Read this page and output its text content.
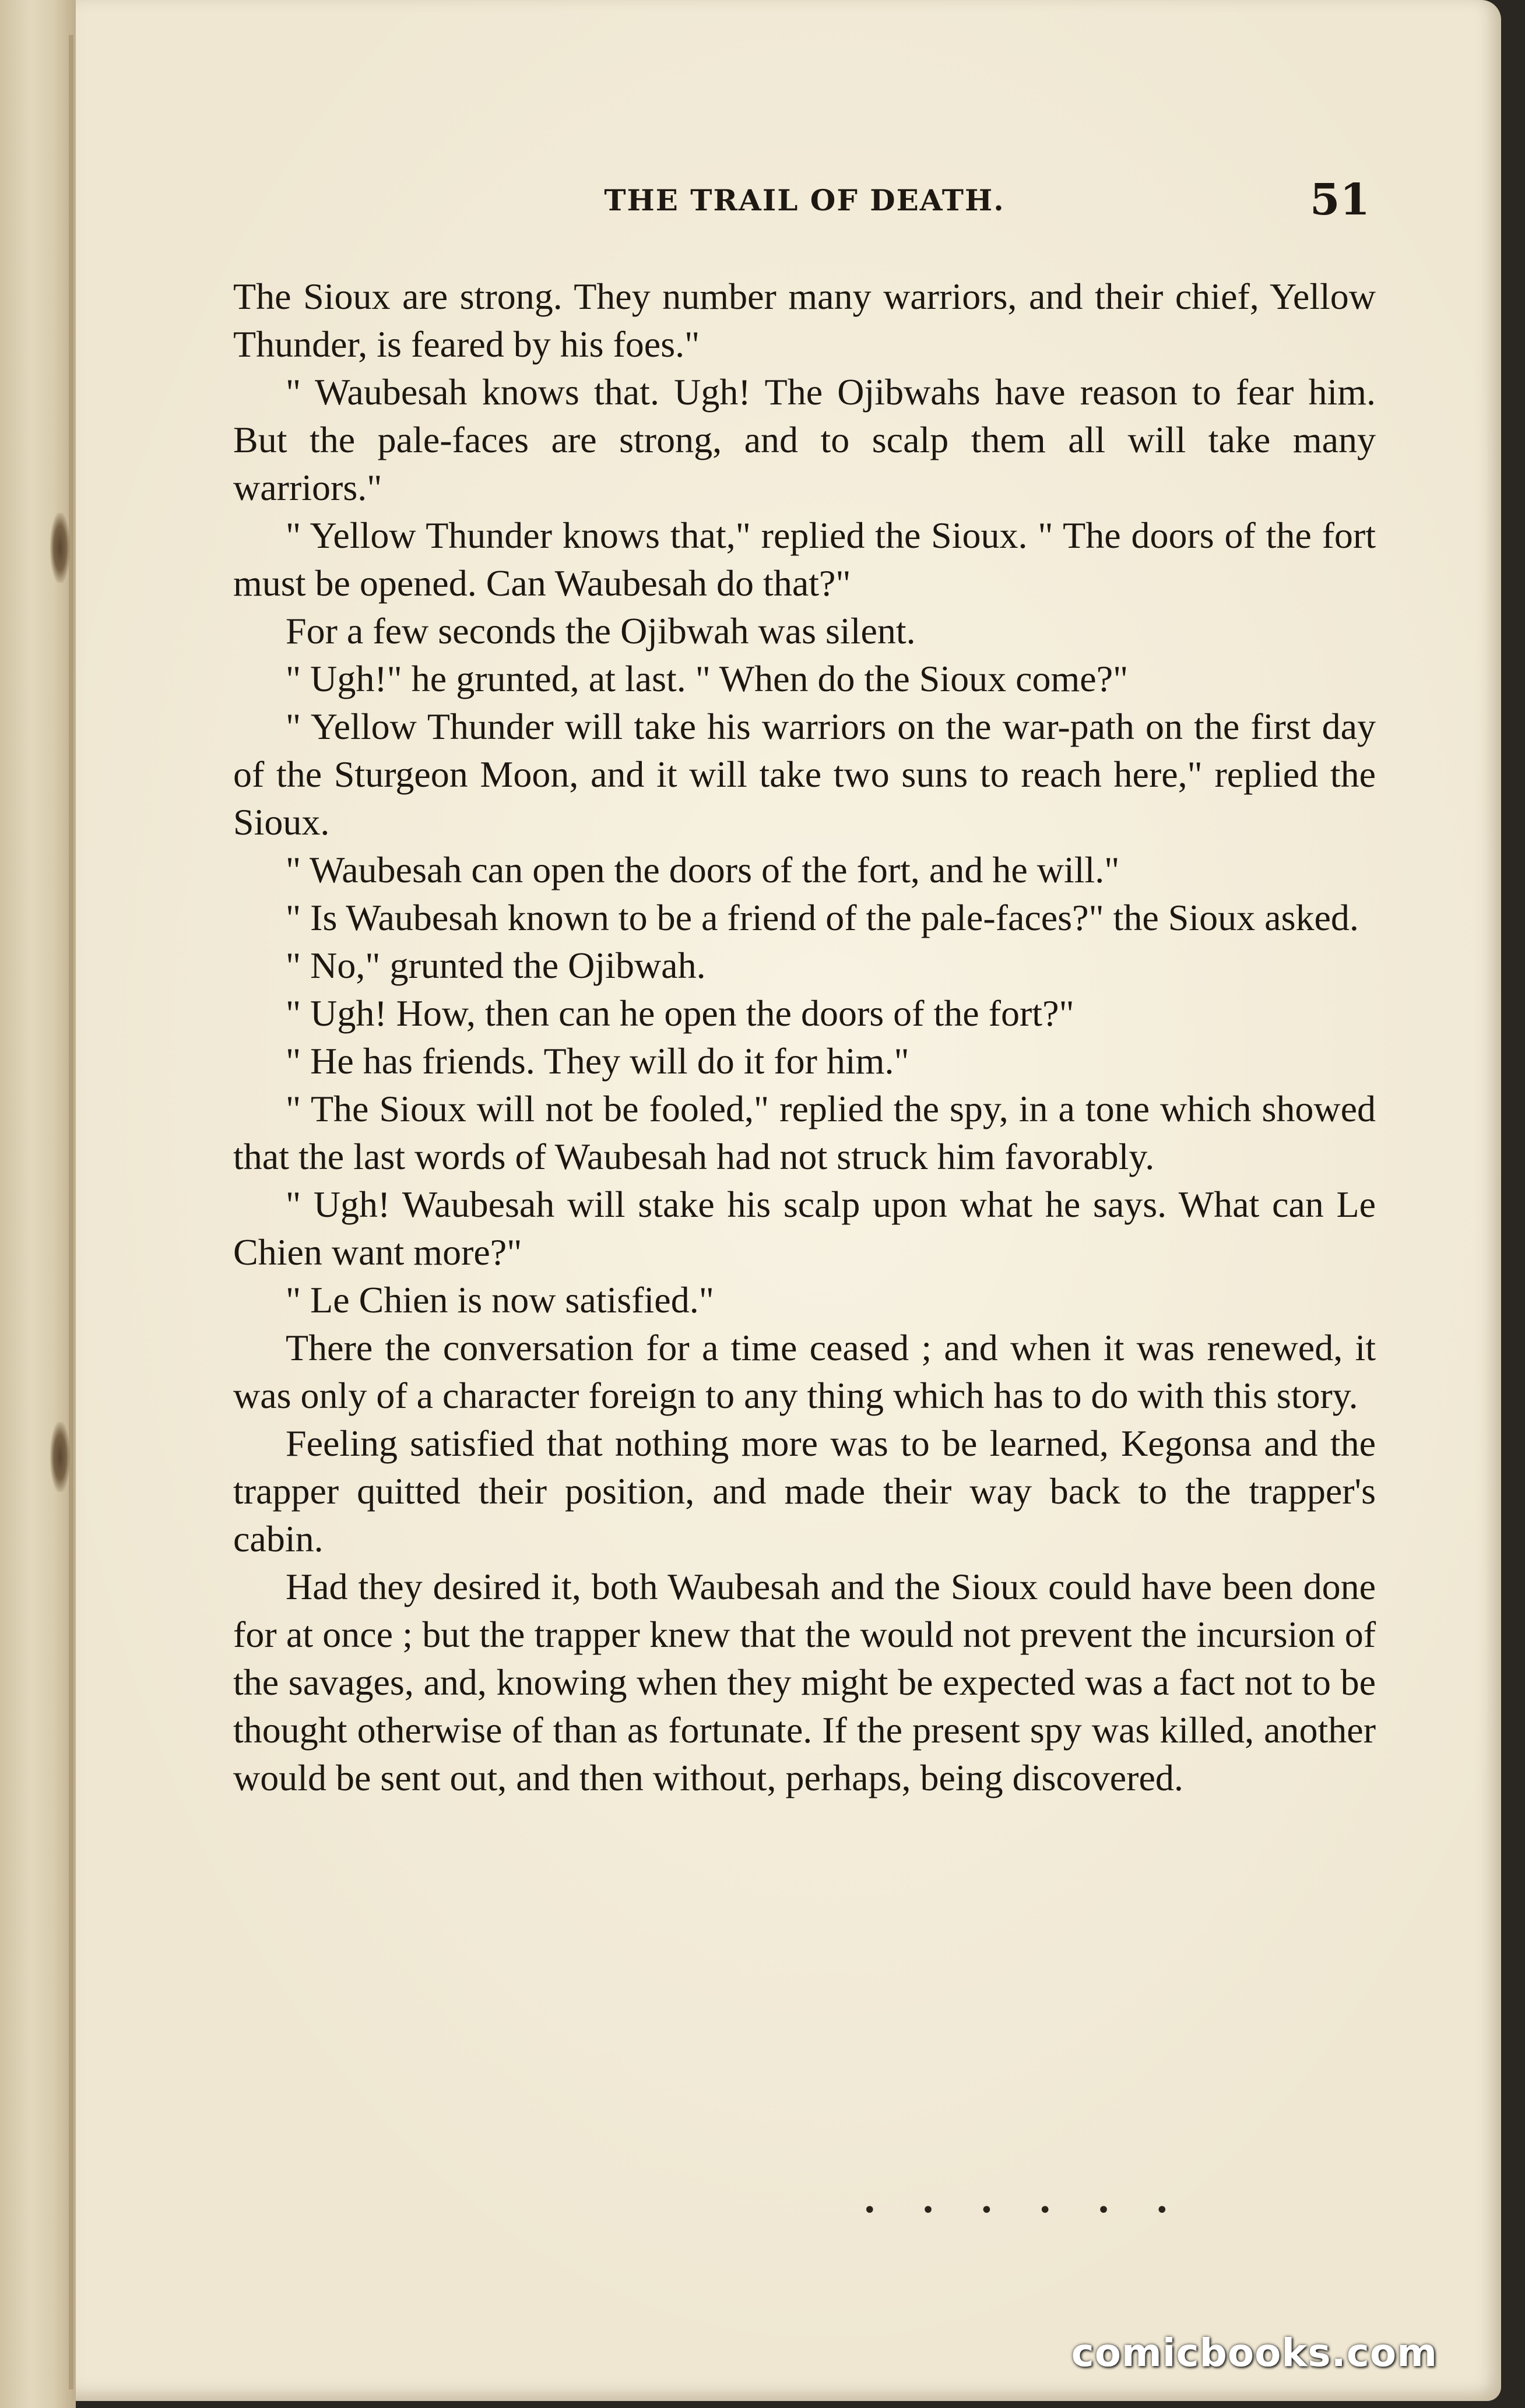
THE TRAIL OF DEATH.	51

The Sioux are strong. They number many warriors, and their chief, Yellow Thunder, is feared by his foes."

" Waubesah knows that. Ugh! The Ojibwahs have reason to fear him. But the pale-faces are strong, and to scalp them all will take many warriors."

" Yellow Thunder knows that," replied the Sioux. " The doors of the fort must be opened. Can Waubesah do that?"

For a few seconds the Ojibwah was silent.

" Ugh!" he grunted, at last. " When do the Sioux come?"

" Yellow Thunder will take his warriors on the war-path on the first day of the Sturgeon Moon, and it will take two suns to reach here," replied the Sioux.

" Waubesah can open the doors of the fort, and he will."

" Is Waubesah known to be a friend of the pale-faces?" the Sioux asked.

" No," grunted the Ojibwah.

" Ugh! How, then can he open the doors of the fort?"

" He has friends. They will do it for him."

" The Sioux will not be fooled," replied the spy, in a tone which showed that the last words of Waubesah had not struck him favorably.

" Ugh! Waubesah will stake his scalp upon what he says. What can Le Chien want more?"

" Le Chien is now satisfied."

There the conversation for a time ceased ; and when it was renewed, it was only of a character foreign to any thing which has to do with this story.

Feeling satisfied that nothing more was to be learned, Kegonsa and the trapper quitted their position, and made their way back to the trapper's cabin.

Had they desired it, both Waubesah and the Sioux could have been done for at once ; but the trapper knew that the would not prevent the incursion of the savages, and, knowing when they might be expected was a fact not to be thought otherwise of than as fortunate. If the present spy was killed, another would be sent out, and then without, perhaps, being discovered.

• • • • • •
comicbooks.com
